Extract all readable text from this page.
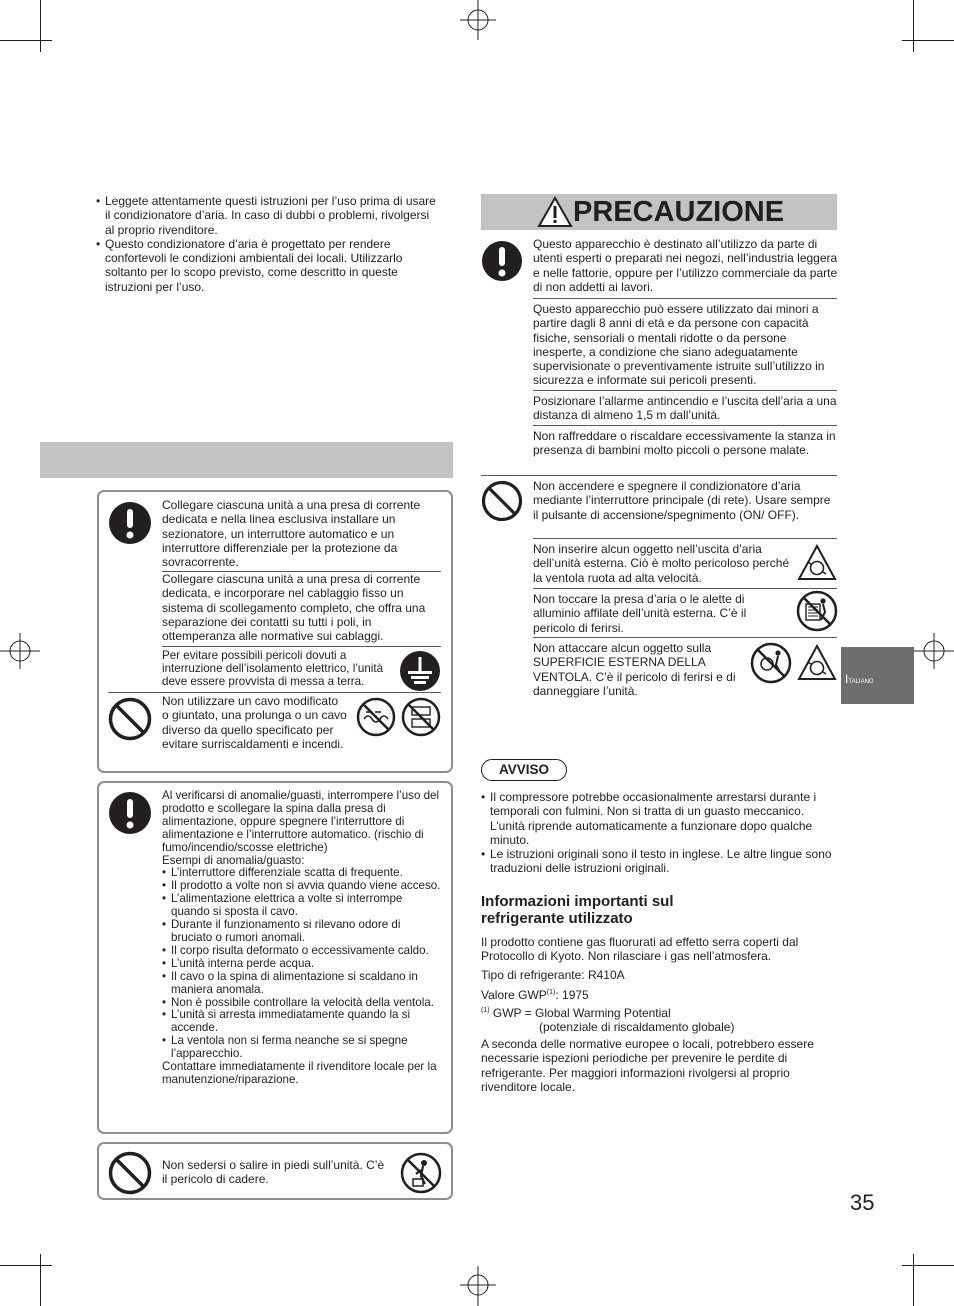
• Leggete attentamente questi istruzioni per l’uso prima di usare il condizionatore d’aria. In caso di dubbi o problemi, rivolgersi al proprio rivenditore.
• Questo condizionatore d’aria è progettato per rendere confortevoli le condizioni ambientali dei locali. Utilizzarlo soltanto per lo scopo previsto, come descritto in queste istruzioni per l’uso.
Collegare ciascuna unità a una presa di corrente dedicata e nella linea esclusiva installare un sezionatore, un interruttore automatico e un interruttore differenziale per la protezione da sovracorrente.
Collegare ciascuna unità a una presa di corrente dedicata, e incorporare nel cablaggio fisso un sistema di scollegamento completo, che offra una separazione dei contatti su tutti i poli, in ottemperanza alle normative sui cablaggi.
Per evitare possibili pericoli dovuti a interruzione dell’isolamento elettrico, l’unità deve essere provvista di messa a terra.
Non utilizzare un cavo modificato o giuntato, una prolunga o un cavo diverso da quello specificato per evitare surriscaldamenti e incendi.
Al verificarsi di anomalie/guasti, interrompere l’uso del prodotto e scollegare la spina dalla presa di alimentazione, oppure spegnere l’interruttore di alimentazione e l’interruttore automatico. (rischio di fumo/incendio/scosse elettriche)
Esempi di anomalia/guasto:
• L’interruttore differenziale scatta di frequente.
• Il prodotto a volte non si avvia quando viene acceso.
• L’alimentazione elettrica a volte si interrompe quando si sposta il cavo.
• Durante il funzionamento si rilevano odore di bruciato o rumori anomali.
• Il corpo risulta deformato o eccessivamente caldo.
• L’unità interna perde acqua.
• Il cavo o la spina di alimentazione si scaldano in maniera anomala.
• Non è possibile controllare la velocità della ventola.
• L’unità si arresta immediatamente quando la si accende.
• La ventola non si ferma neanche se si spegne l’apparecchio.
Contattare immediatamente il rivenditore locale per la manutenzione/riparazione.
Non sedersi o salire in piedi sull’unità. C’è il pericolo di cadere.
PRECAUZIONE
Questo apparecchio è destinato all’utilizzo da parte di utenti esperti o preparati nei negozi, nell’industria leggera e nelle fattorie, oppure per l’utilizzo commerciale da parte di non addetti ai lavori.
Questo apparecchio può essere utilizzato dai minori a partire dagli 8 anni di età e da persone con capacità fisiche, sensoriali o mentali ridotte o da persone inesperte, a condizione che siano adeguatamente supervisionate o preventivamente istruite sull’utilizzo in sicurezza e informate sui pericoli presenti.
Posizionare l’allarme antincendio e l’uscita dell’aria a una distanza di almeno 1,5 m dall’unità.
Non raffreddare o riscaldare eccessivamente la stanza in presenza di bambini molto piccoli o persone malate.
Non accendere e spegnere il condizionatore d’aria mediante l’interruttore principale (di rete). Usare sempre il pulsante di accensione/spegnimento (ON/ OFF).
Non inserire alcun oggetto nell’uscita d’aria dell’unità esterna. Ciò è molto pericoloso perché la ventola ruota ad alta velocità.
Non toccare la presa d’aria o le alette di alluminio affilate dell’unità esterna. C’è il pericolo di ferirsi.
Non attaccare alcun oggetto sulla SUPERFICIE ESTERNA DELLA VENTOLA. C’è il pericolo di ferirsi e di danneggiare l’unità.
ITALIANO
AVVISO
• Il compressore potrebbe occasionalmente arrestarsi durante i temporali con fulmini. Non si tratta di un guasto meccanico. L’unità riprende automaticamente a funzionare dopo qualche minuto.
• Le istruzioni originali sono il testo in inglese. Le altre lingue sono traduzioni delle istruzioni originali.
Informazioni importanti sul
refrigerante utilizzato
Il prodotto contiene gas fluorurati ad effetto serra coperti dal Protocollo di Kyoto. Non rilasciare i gas nell’atmosfera.
Tipo di refrigerante: R410A
Valore GWP$^{(1)}$: 1975
$^{(1)}$ GWP = Global Warming Potential
(potenziale di riscaldamento globale)
A seconda delle normative europee o locali, potrebbero essere necessarie ispezioni periodiche per prevenire le perdite di refrigerante. Per maggiori informazioni rivolgersi al proprio rivenditore locale.
35
